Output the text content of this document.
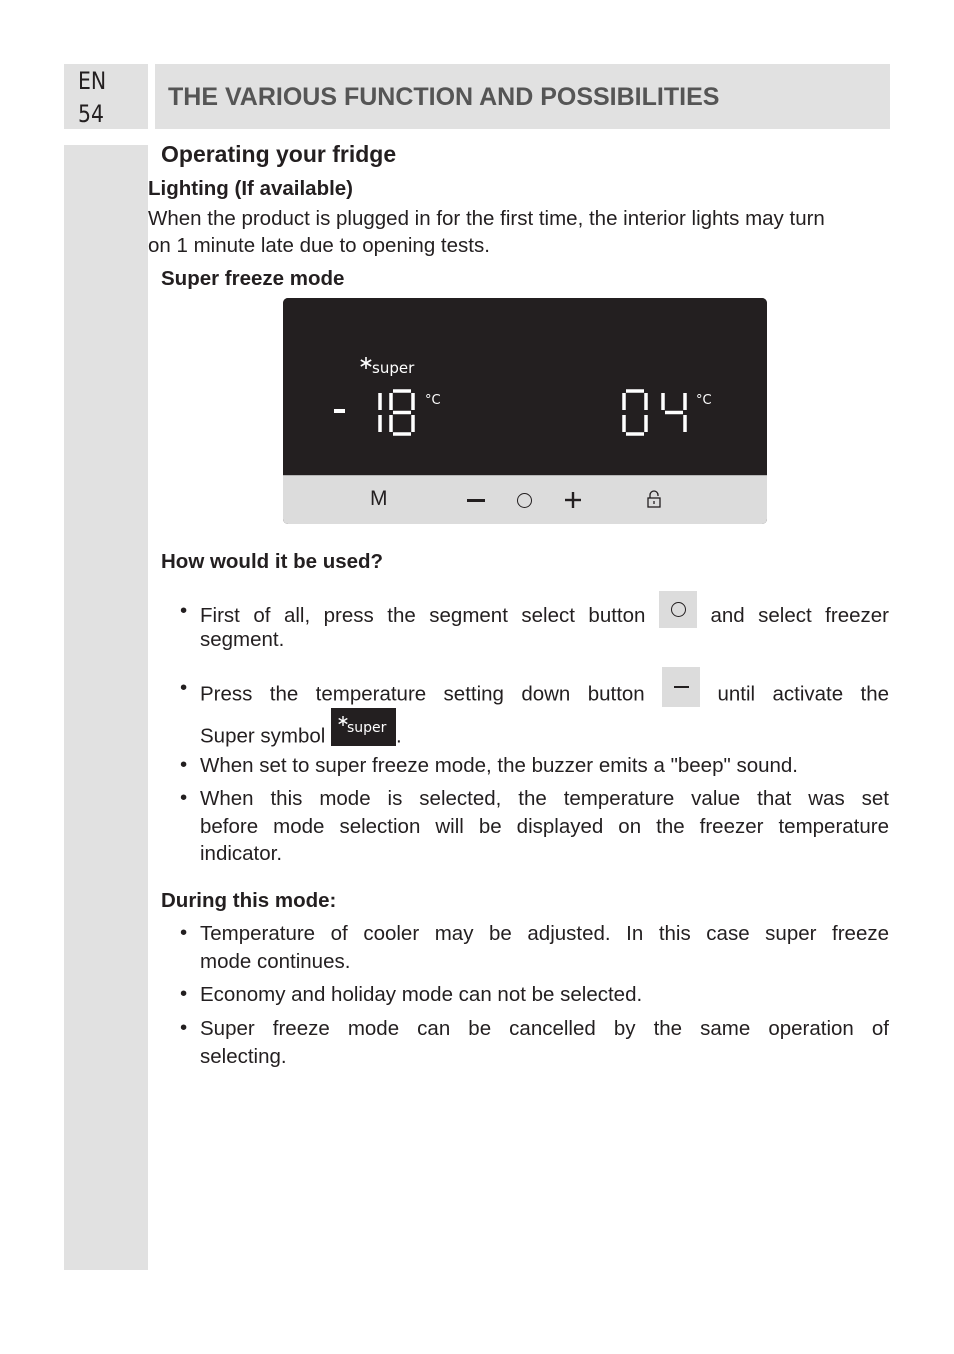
EN
54
THE VARIOUS FUNCTION AND POSSIBILITIES
Operating your fridge
Lighting (If available)
When the product is plugged in for the first time, the interior lights may turn
on 1 minute late due to opening tests.
Super freeze mode
super
°C	°C
M
How would it be used?
• First of all, press the segment select button	and select freezer
segment.
• Press the temperature setting down button	until activate the
Super symbol super .
• When set to super freeze mode, the buzzer emits a "beep" sound.
• When this mode is selected, the temperature value that was set
before mode selection will be displayed on the freezer temperature
indicator.
During this mode:
• Temperature of cooler may be adjusted. In this case super freeze
mode continues.
• Economy and holiday mode can not be selected.
• Super freeze mode can be cancelled by the same operation of
selecting.
